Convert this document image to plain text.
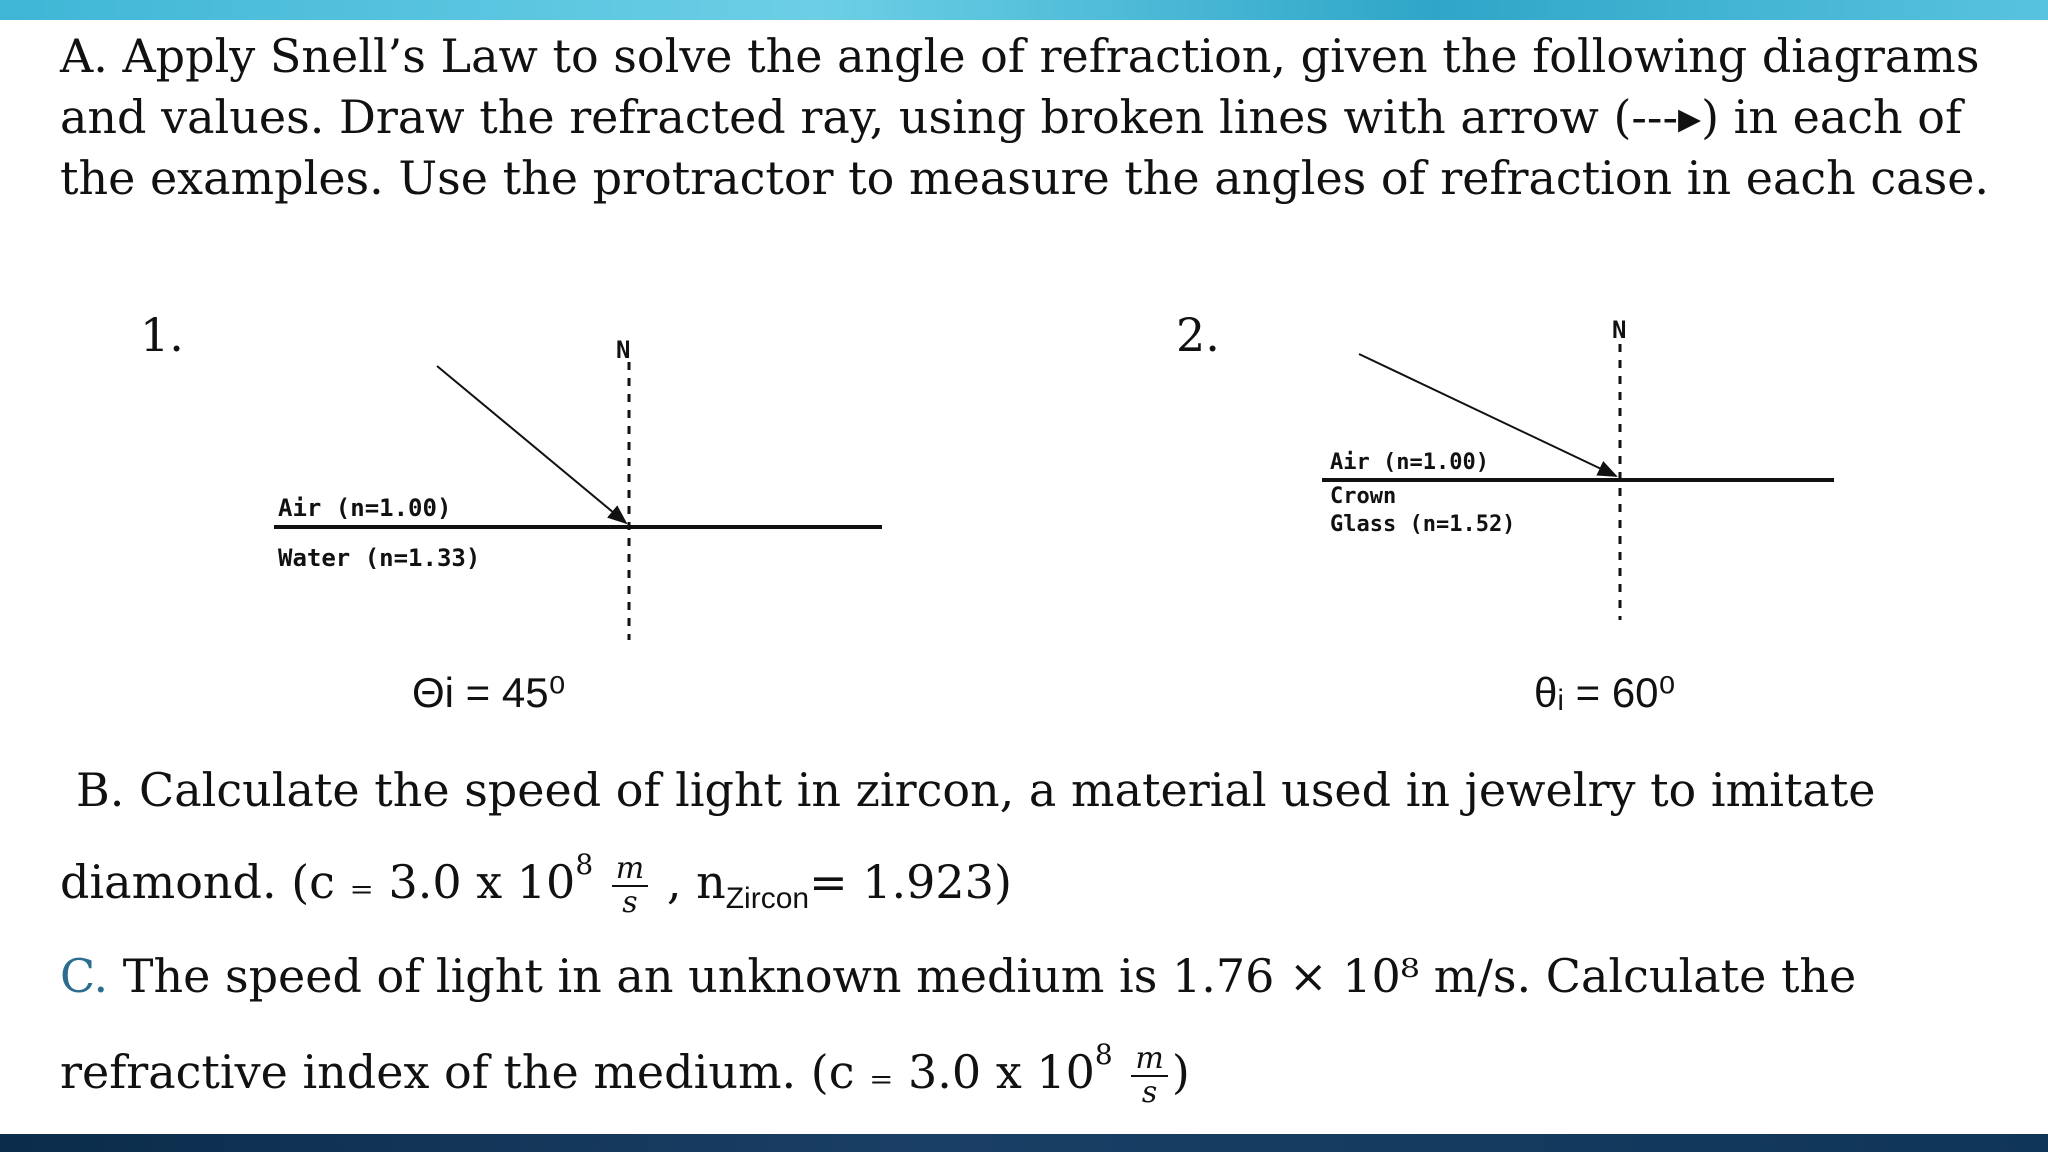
A. Apply Snell’s Law to solve the angle of refraction, given the following diagrams and values. Draw the refracted ray, using broken lines with arrow (---▸) in each of the examples. Use the protractor to measure the angles of refraction in each case.
1.	N
Air (n=1.00)
Water (n=1.33)
Θi = 45⁰
2.	N
Air (n=1.00)
Crown
Glass (n=1.52)
θᵢ = 60⁰
B. Calculate the speed of light in zircon, a material used in jewelry to imitate
diamond. (c ₌ 3.0 x $10^8 \frac{m}{s}$ , $n_{Zircon}= 1.923$)
C. The speed of light in an unknown medium is 1.76 × 10⁸ m/s. Calculate the
refractive index of the medium. (c ₌ 3.0 x $10^8 \frac{m}{s}$ )
